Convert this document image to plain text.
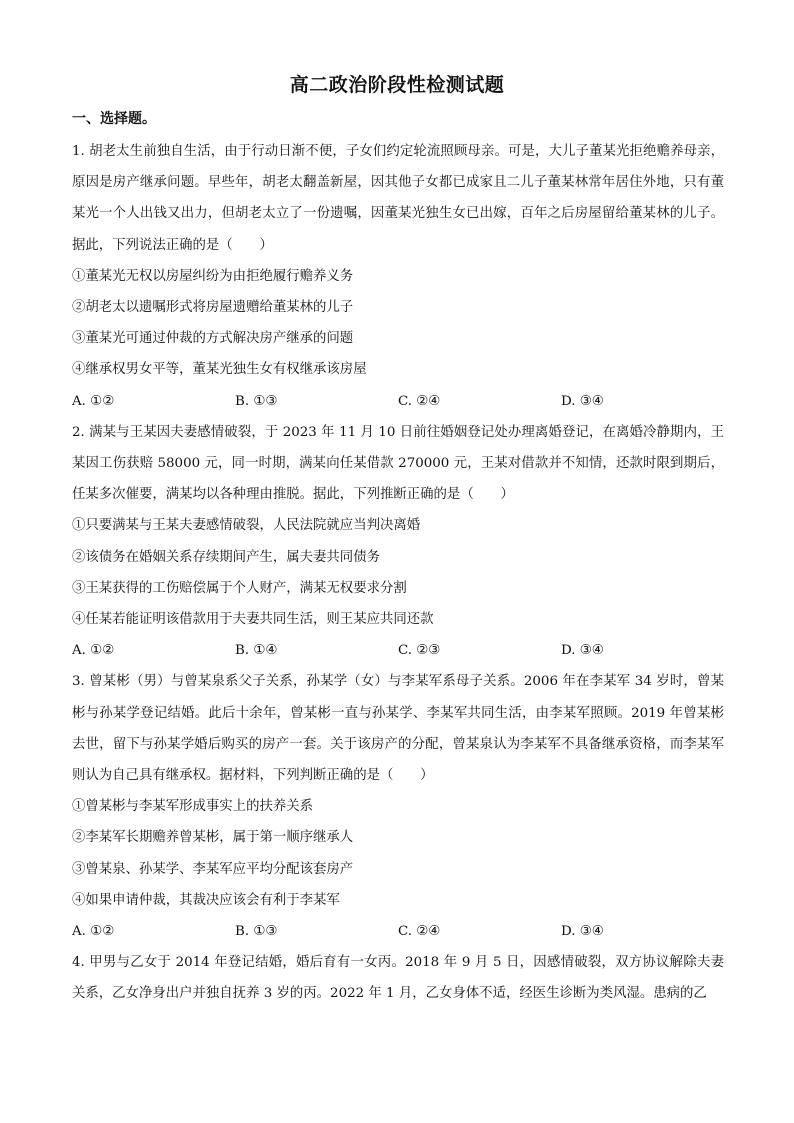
高二政治阶段性检测试题
一、选择题。

1. 胡老太生前独自生活，由于行动日渐不便，子女们约定轮流照顾母亲。可是，大儿子董某光拒绝赡养母亲，原因是房产继承问题。早些年，胡老太翻盖新屋，因其他子女都已成家且二儿子董某林常年居住外地，只有董某光一个人出钱又出力，但胡老太立了一份遗嘱，因董某光独生女已出嫁，百年之后房屋留给董某林的儿子。据此，下列说法正确的是（　　）

①董某光无权以房屋纠纷为由拒绝履行赡养义务

②胡老太以遗嘱形式将房屋遗赠给董某林的儿子

③董某光可通过仲裁的方式解决房产继承的问题

④继承权男女平等，董某光独生女有权继承该房屋

A. ①②	B. ①③	C. ②④	D. ③④

2. 满某与王某因夫妻感情破裂，于 2023 年 11 月 10 日前往婚姻登记处办理离婚登记，在离婚冷静期内，王某因工伤获赔 58000 元，同一时期，满某向任某借款 270000 元，王某对借款并不知情，还款时限到期后，任某多次催要，满某均以各种理由推脱。据此，下列推断正确的是（　　）

①只要满某与王某夫妻感情破裂，人民法院就应当判决离婚

②该债务在婚姻关系存续期间产生，属夫妻共同债务

③王某获得的工伤赔偿属于个人财产，满某无权要求分割

④任某若能证明该借款用于夫妻共同生活，则王某应共同还款

A. ①②	B. ①④	C. ②③	D. ③④

3. 曾某彬（男）与曾某泉系父子关系，孙某学（女）与李某军系母子关系。2006 年在李某军 34 岁时，曾某彬与孙某学登记结婚。此后十余年，曾某彬一直与孙某学、李某军共同生活，由李某军照顾。2019 年曾某彬去世，留下与孙某学婚后购买的房产一套。关于该房产的分配，曾某泉认为李某军不具备继承资格，而李某军则认为自己具有继承权。据材料，下列判断正确的是（　　）

①曾某彬与李某军形成事实上的扶养关系

②李某军长期赡养曾某彬，属于第一顺序继承人

③曾某泉、孙某学、李某军应平均分配该套房产

④如果申请仲裁，其裁决应该会有利于李某军

A. ①②	B. ①③	C. ②④	D. ③④

4. 甲男与乙女于 2014 年登记结婚，婚后育有一女丙。2018 年 9 月 5 日，因感情破裂，双方协议解除夫妻关系，乙女净身出户并独自抚养 3 岁的丙。2022 年 1 月，乙女身体不适，经医生诊断为类风湿。患病的乙
